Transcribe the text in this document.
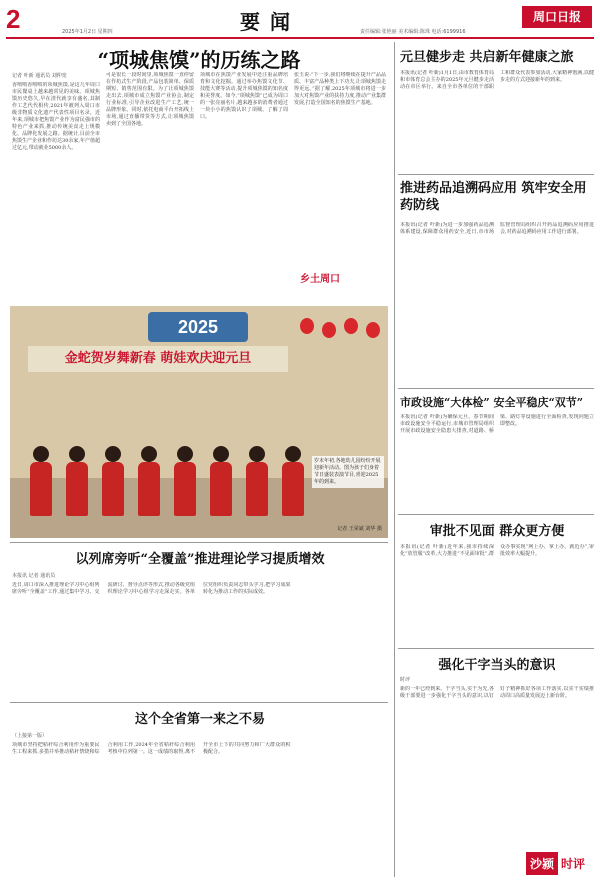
2	2025年1月2日 星期四	要闻	责任编辑:张艳丽 美术编辑:陈珠 电话:6199916
周口日报
“项城焦馍”的历练之路
记者 叶新 通讯员 刘仲宽
香喷喷香喷喷的项城焦馍,是这几年周口市民餐桌上越来越常见的美味。项城焦馍历史悠久,早在清代就享有盛名,其制作工艺代代相传,2021年被列入周口市级非物质文化遗产代表性项目名录。近年来,项城市把焦馍产业作为富民强市的特色产业来抓,推动传统美食走上规模化、品牌化发展之路。据统计,目前全市焦馍生产企业和作坊达30余家,年产值超过亿元,带动就业5000余人。
可是很长一段时间里,项城焦馍一直停留在作坊式生产阶段,产品包装简单、保质期短、销售范围有限。为了让项城焦馍走出去,项城市成立焦馍产业协会,制定行业标准,引导企业改进生产工艺,统一品牌形象。同时,依托电商平台开拓线上市场,通过直播带货等方式,让项城焦馍卖到了全国各地。
项城市在焦馍产业发展中还注重品牌培育和文化挖掘。通过举办焦馍文化节、技能大赛等活动,提升项城焦馍的知名度和美誉度。如今,“项城焦馍”已成为周口的一张亮丽名片,越来越多的消费者通过一块小小的焦馍认识了项城、了解了周口。
张玉说:“下一步,我们将继续在提升产品品质、丰富产品种类上下功夫,让项城焦馍走得更远。”据了解,2025年项城市将进一步加大对焦馍产业的扶持力度,推动产业集群发展,打造全国知名的焦馍生产基地。
2025
金蛇贺岁舞新春 萌娃欢庆迎元旦
岁末年初,各地幼儿园纷纷开展迎新年活动。图为孩子们身着节日盛装表演节目,喜迎2025年的到来。
记者 王荣斌 刘华 摄
乡土周口
以列席旁听“全覆盖”推进理论学习提质增效
本报讯 记者 通讯员
近日,周口市深入推进理论学习中心组列席旁听“全覆盖”工作,通过集中学习、交流研讨、督导点评等形式,推动各级党组织理论学习中心组学习走深走实。各单位党组织负责同志带头学习,把学习成果转化为推动工作的实际成效。
这个全省第一来之不易
（上接第一版）
项城市坚持把秸秆综合利用作为重要民生工程来抓,多措并举推动秸秆禁烧和综合利用工作,2024年全省秸秆综合利用考核中位列第一。这一成绩的取得,离不开全市上下的共同努力和广大群众的积极配合。
元旦健步走 共启新年健康之旅
本报讯(记者 叶新)1月1日,由市教育体育局和市体育总会主办的2025年元旦健步走活动在市区举行。来自全市各单位的干部职工和群众代表参加活动,大家精神饱满,以健步走的方式迎接新年的到来。
推进药品追溯码应用 筑牢安全用药防线
本报讯(记者 叶新)为进一步加强药品追溯体系建设,保障群众用药安全,近日,市市场监督管理局组织召开药品追溯码应用推进会,对药品追溯码应用工作进行部署。
市政设施“大体检” 安全平稳庆“双节”
本报讯(记者 叶新)为确保元旦、春节期间市政设施安全平稳运行,市城市管理局组织开展市政设施安全隐患大排查,对道路、桥梁、路灯等设施进行全面检查,发现问题立即整改。
审批不见面 群众更方便
本报讯(记者 叶新)近年来,我市持续深化“放管服”改革,大力推进“不见面审批”,群众办事实现“网上办、掌上办、就近办”,审批效率大幅提升。
强化干字当头的意识
时评
新的一年已经到来。干字当头,实干为先,各级干部要进一步强化干字当头的意识,以钉钉子精神抓好各项工作落实,以实干实绩推动周口高质量发展迈上新台阶。
沙颍 时评
